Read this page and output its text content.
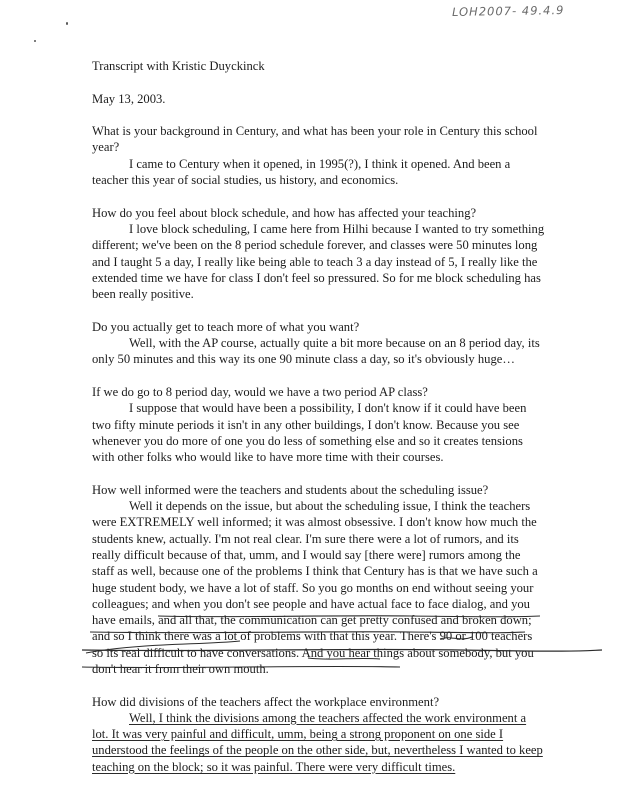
LOH2007- 49.4.9
Transcript with Kristic Duyckinck
May 13, 2003.
What is your background in Century, and what has been your role in Century this school
year?
I came to Century when it opened, in 1995(?), I think it opened. And been a
teacher this year of social studies, us history, and economics.
How do you feel about block schedule, and how has affected your teaching?
I love block scheduling, I came here from Hilhi because I wanted to try something
different; we've been on the 8 period schedule forever, and classes were 50 minutes long
and I taught 5 a day, I really like being able to teach 3 a day instead of 5, I really like the
extended time we have for class I don't feel so pressured. So for me block scheduling has
been really positive.
Do you actually get to teach more of what you want?
Well, with the AP course, actually quite a bit more because on an 8 period day, its
only 50 minutes and this way its one 90 minute class a day, so it's obviously huge…
If we do go to 8 period day, would we have a two period AP class?
I suppose that would have been a possibility, I don't know if it could have been
two fifty minute periods it isn't in any other buildings, I don't know. Because you see
whenever you do more of one you do less of something else and so it creates tensions
with other folks who would like to have more time with their courses.
How well informed were the teachers and students about the scheduling issue?
Well it depends on the issue, but about the scheduling issue, I think the teachers
were EXTREMELY well informed; it was almost obsessive. I don't know how much the
students knew, actually. I'm not real clear. I'm sure there were a lot of rumors, and its
really difficult because of that, umm, and I would say [there were] rumors among the
staff as well, because one of the problems I think that Century has is that we have such a
huge student body, we have a lot of staff. So you go months on end without seeing your
colleagues; and when you don't see people and have actual face to face dialog, and you
have emails, and all that, the communication can get pretty confused and broken down;
and so I think there was a lot of problems with that this year. There's 90 or 100 teachers
so its real difficult to have conversations. And you hear things about somebody, but you
don't hear it from their own mouth.
How did divisions of the teachers affect the workplace environment?
Well, I think the divisions among the teachers affected the work environment a
lot. It was very painful and difficult, umm, being a strong proponent on one side I
understood the feelings of the people on the other side, but, nevertheless I wanted to keep
teaching on the block; so it was painful. There were very difficult times.
